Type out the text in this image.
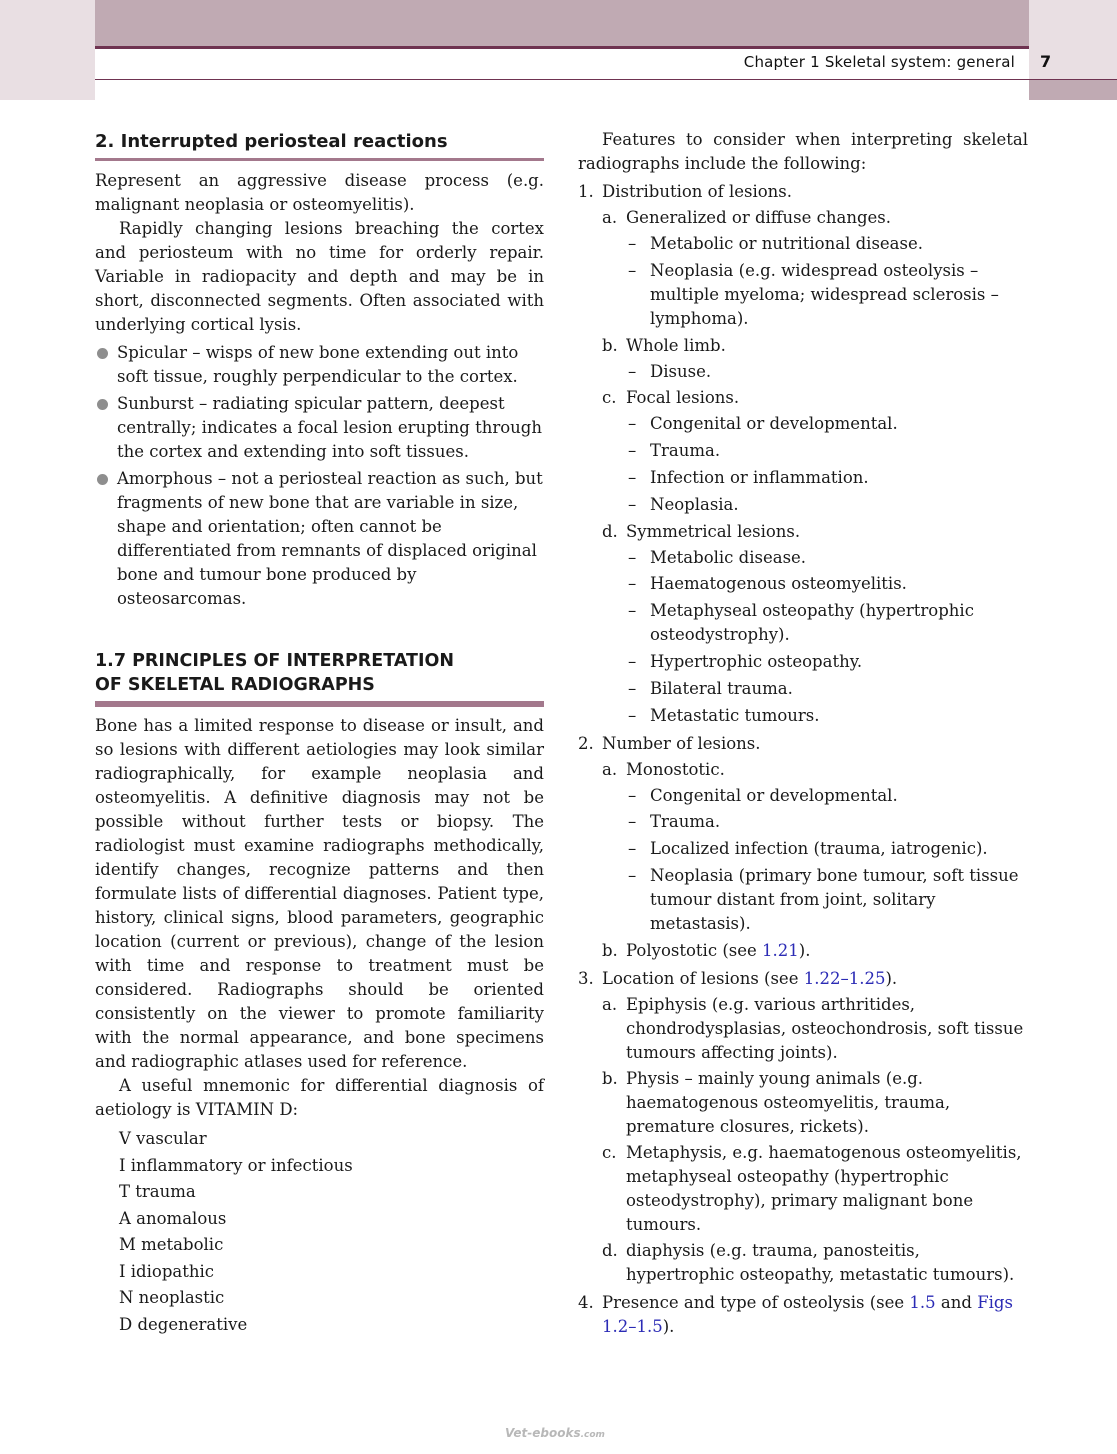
Chapter 1 Skeletal system: general 7
2. Interrupted periosteal reactions

Represent an aggressive disease process (e.g. malignant neoplasia or osteomyelitis).

Rapidly changing lesions breaching the cortex and periosteum with no time for orderly repair. Variable in radiopacity and depth and may be in short, disconnected segments. Often associated with underlying cortical lysis.

Spicular – wisps of new bone extending out into soft tissue, roughly perpendicular to the cortex.
Sunburst – radiating spicular pattern, deepest centrally; indicates a focal lesion erupting through the cortex and extending into soft tissues.
Amorphous – not a periosteal reaction as such, but fragments of new bone that are variable in size, shape and orientation; often cannot be differentiated from remnants of displaced original bone and tumour bone produced by osteosarcomas.
1.7 PRINCIPLES OF INTERPRETATION
OF SKELETAL RADIOGRAPHS

Bone has a limited response to disease or insult, and so lesions with different aetiologies may look similar radiographically, for example neoplasia and osteomyelitis. A definitive diagnosis may not be possible without further tests or biopsy. The radiologist must examine radiographs methodically, identify changes, recognize patterns and then formulate lists of differential diagnoses. Patient type, history, clinical signs, blood parameters, geographic location (current or previous), change of the lesion with time and response to treatment must be considered. Radiographs should be oriented consistently on the viewer to promote familiarity with the normal appearance, and bone specimens and radiographic atlases used for reference.

A useful mnemonic for differential diagnosis of aetiology is VITAMIN D:

V vascular
I inflammatory or infectious
T trauma
A anomalous
M metabolic
I idiopathic
N neoplastic
D degenerative

Features to consider when interpreting skeletal radiographs include the following:

1. Distribution of lesions.
a. Generalized or diffuse changes.
– Metabolic or nutritional disease.
– Neoplasia (e.g. widespread osteolysis – multiple myeloma; widespread sclerosis – lymphoma).
b. Whole limb.
– Disuse.
c. Focal lesions.
– Congenital or developmental.
– Trauma.
– Infection or inflammation.
– Neoplasia.
d. Symmetrical lesions.
– Metabolic disease.
– Haematogenous osteomyelitis.
– Metaphyseal osteopathy (hypertrophic osteodystrophy).
– Hypertrophic osteopathy.
– Bilateral trauma.
– Metastatic tumours.
2. Number of lesions.
a. Monostotic.
– Congenital or developmental.
– Trauma.
– Localized infection (trauma, iatrogenic).
– Neoplasia (primary bone tumour, soft tissue tumour distant from joint, solitary metastasis).
b. Polyostotic (see 1.21).
3. Location of lesions (see 1.22–1.25).
a. Epiphysis (e.g. various arthritides, chondrodysplasias, osteochondrosis, soft tissue tumours affecting joints).
b. Physis – mainly young animals (e.g. haematogenous osteomyelitis, trauma, premature closures, rickets).
c. Metaphysis, e.g. haematogenous osteomyelitis, metaphyseal osteopathy (hypertrophic osteodystrophy), primary malignant bone tumours.
d. diaphysis (e.g. trauma, panosteitis, hypertrophic osteopathy, metastatic tumours).
4. Presence and type of osteolysis (see 1.5 and Figs 1.2–1.5).
Vet-ebooks.com
